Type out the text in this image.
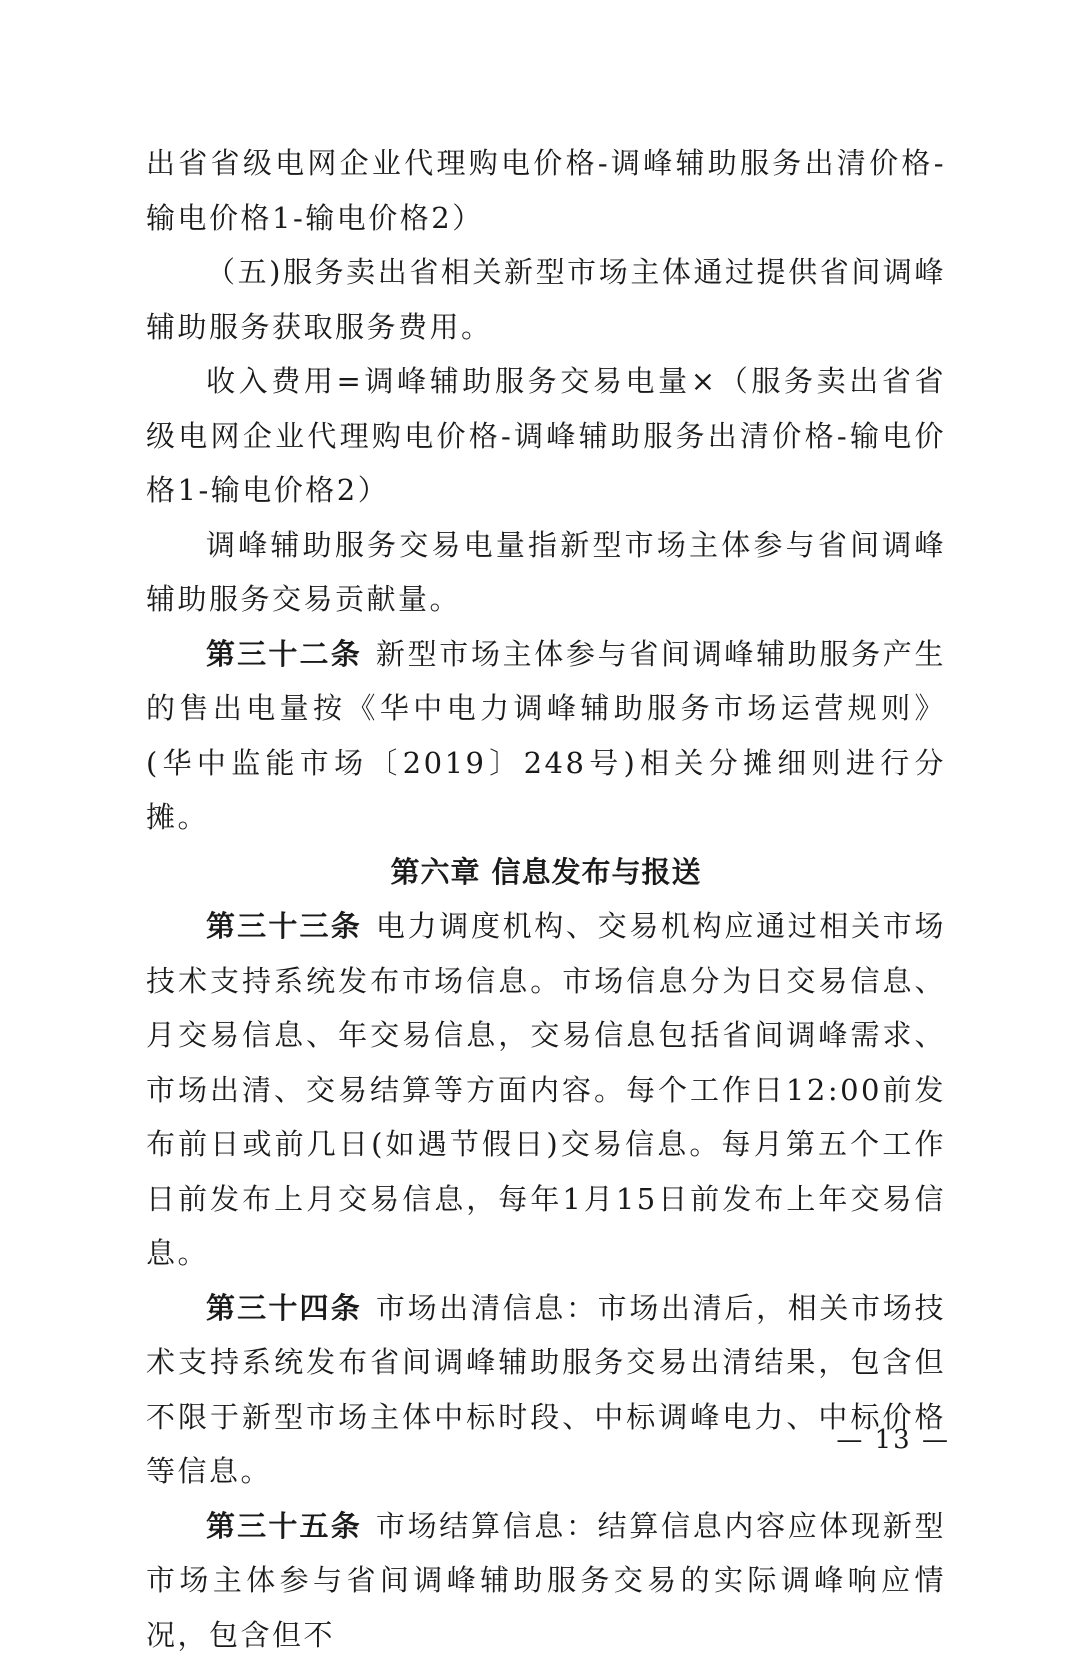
出省省级电网企业代理购电价格-调峰辅助服务出清价格-输电价格1-输电价格2）

（五)服务卖出省相关新型市场主体通过提供省间调峰辅助服务获取服务费用。

收入费用=调峰辅助服务交易电量×（服务卖出省省级电网企业代理购电价格-调峰辅助服务出清价格-输电价格1-输电价格2）

调峰辅助服务交易电量指新型市场主体参与省间调峰辅助服务交易贡献量。

第三十二条 新型市场主体参与省间调峰辅助服务产生的售出电量按《华中电力调峰辅助服务市场运营规则》(华中监能市场〔2019〕248号)相关分摊细则进行分摊。

第六章 信息发布与报送

第三十三条 电力调度机构、交易机构应通过相关市场技术支持系统发布市场信息。市场信息分为日交易信息、月交易信息、年交易信息，交易信息包括省间调峰需求、市场出清、交易结算等方面内容。每个工作日12:00前发布前日或前几日(如遇节假日)交易信息。每月第五个工作日前发布上月交易信息，每年1月15日前发布上年交易信息。

第三十四条 市场出清信息：市场出清后，相关市场技术支持系统发布省间调峰辅助服务交易出清结果，包含但不限于新型市场主体中标时段、中标调峰电力、中标价格等信息。

第三十五条 市场结算信息：结算信息内容应体现新型市场主体参与省间调峰辅助服务交易的实际调峰响应情况，包含但不

— 13 —
